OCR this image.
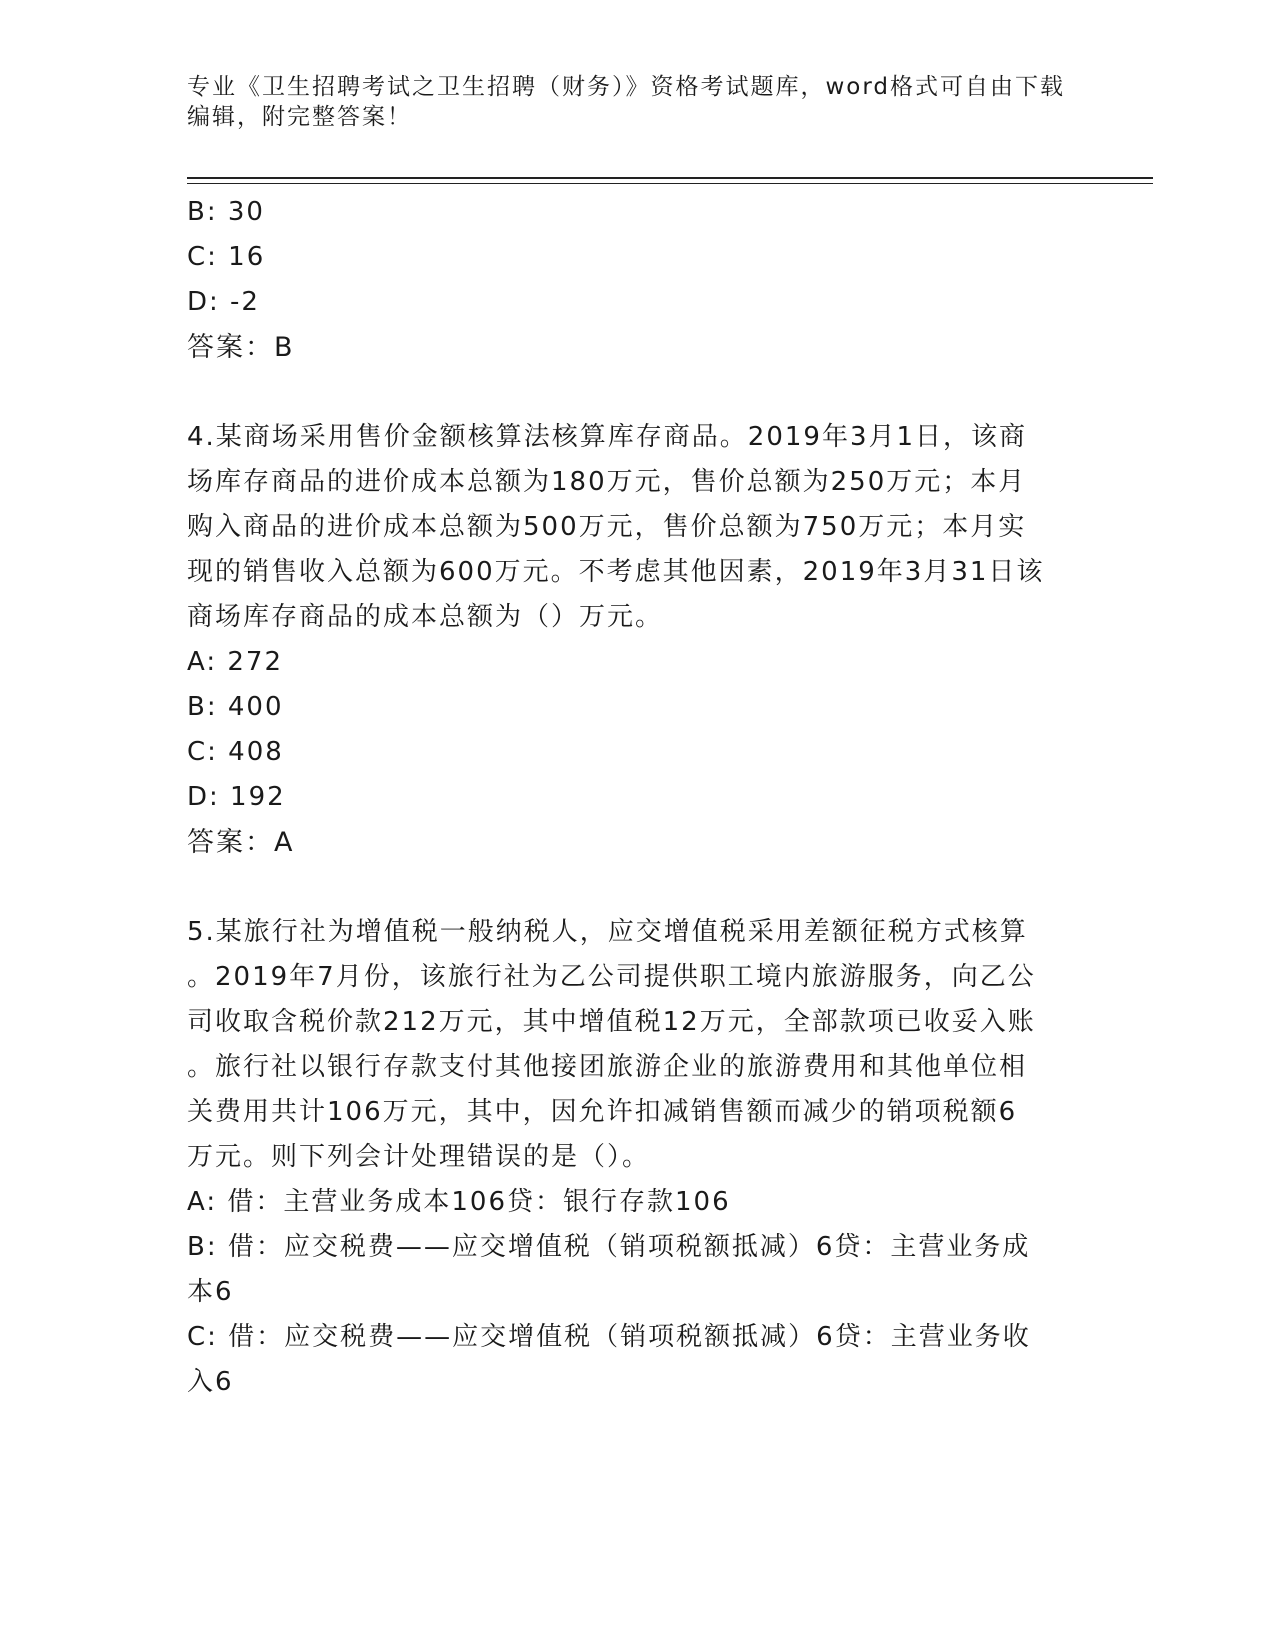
专业《卫生招聘考试之卫生招聘（财务）》资格考试题库，word格式可自由下载
编辑，附完整答案！
B: 30
C: 16
D: -2
答案：B
4.某商场采用售价金额核算法核算库存商品。2019年3月1日，该商
场库存商品的进价成本总额为180万元，售价总额为250万元；本月
购入商品的进价成本总额为500万元，售价总额为750万元；本月实
现的销售收入总额为600万元。不考虑其他因素，2019年3月31日该
商场库存商品的成本总额为（）万元。
A: 272
B: 400
C: 408
D: 192
答案：A
5.某旅行社为增值税一般纳税人，应交增值税采用差额征税方式核算
。2019年7月份，该旅行社为乙公司提供职工境内旅游服务，向乙公
司收取含税价款212万元，其中增值税12万元，全部款项已收妥入账
。旅行社以银行存款支付其他接团旅游企业的旅游费用和其他单位相
关费用共计106万元，其中，因允许扣减销售额而减少的销项税额6
万元。则下列会计处理错误的是（）。
A: 借：主营业务成本106贷：银行存款106
B: 借：应交税费——应交增值税（销项税额抵减）6贷：主营业务成
本6
C: 借：应交税费——应交增值税（销项税额抵减）6贷：主营业务收
入6
